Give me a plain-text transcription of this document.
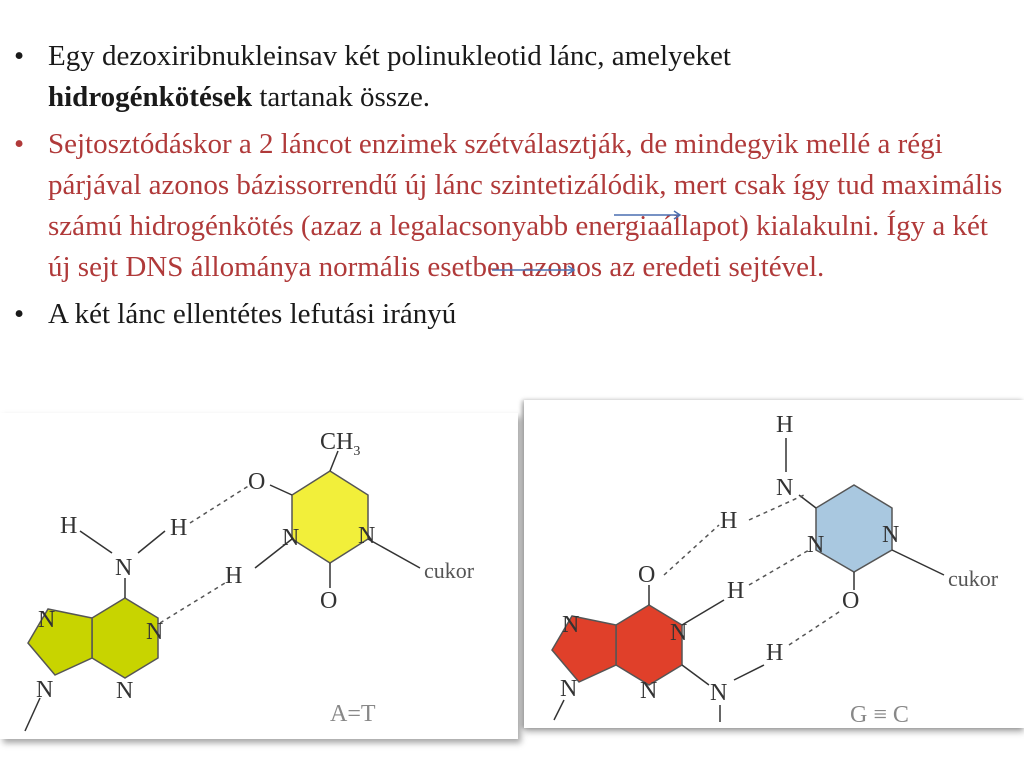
• Egy dezoxiribnukleinsav két polinukleotid lánc, amelyeket
hidrogénkötések tartanak össze.
• Sejtosztódáskor a 2 láncot enzimek szétválasztják, de mindegyik mellé a régi párjával azonos bázissorrendű új lánc szintetizálódik, mert csak így tud maximális számú hidrogénkötés (azaz a legalacsonyabb energiaállapot) kialakulni. Így a két új sejt DNS állománya normális esetben azonos az eredeti sejtével.
• A két lánc ellentétes lefutási irányú
$CH_3$
O
N N
O
cukor
H	H
N	H
N
N
N
N
A=T
H
N
H
N N
O
cukor
O
H
N
H
N N
N
N
G ≡ C
